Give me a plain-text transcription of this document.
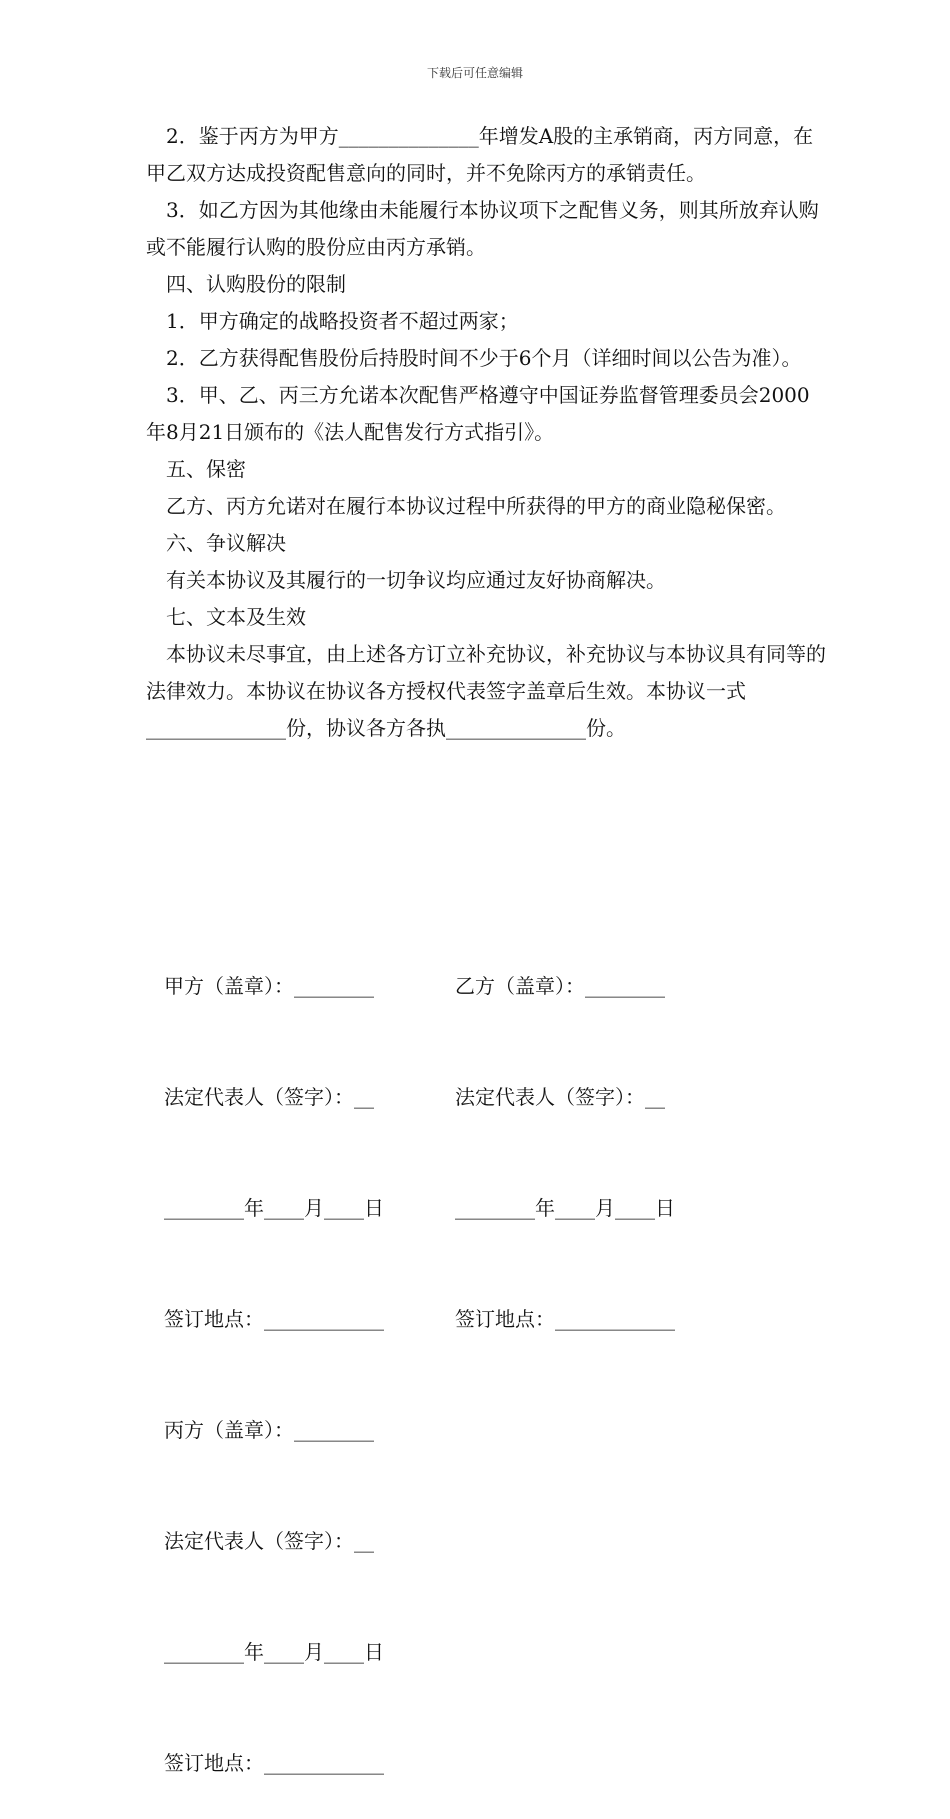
下载后可任意编辑

2．鉴于丙方为甲方______________年增发A股的主承销商，丙方同意，在甲乙双方达成投资配售意向的同时，并不免除丙方的承销责任。

3．如乙方因为其他缘由未能履行本协议项下之配售义务，则其所放弃认购或不能履行认购的股份应由丙方承销。

四、认购股份的限制

1．甲方确定的战略投资者不超过两家；

2．乙方获得配售股份后持股时间不少于6个月（详细时间以公告为准）。

3．甲、乙、丙三方允诺本次配售严格遵守中国证券监督管理委员会2000年8月21日颁布的《法人配售发行方式指引》。

五、保密

乙方、丙方允诺对在履行本协议过程中所获得的甲方的商业隐秘保密。

六、争议解决

有关本协议及其履行的一切争议均应通过友好协商解决。

七、文本及生效

本协议未尽事宜，由上述各方订立补充协议，补充协议与本协议具有同等的法律效力。本协议在协议各方授权代表签字盖章后生效。本协议一式______________份，协议各方各执______________份。

甲方（盖章）：________

法定代表人（签字）：__

________年____月____日

签订地点：____________

丙方（盖章）：________

法定代表人（签字）：__

________年____月____日

签订地点：____________

乙方（盖章）：________

法定代表人（签字）：__

________年____月____日

签订地点：____________
